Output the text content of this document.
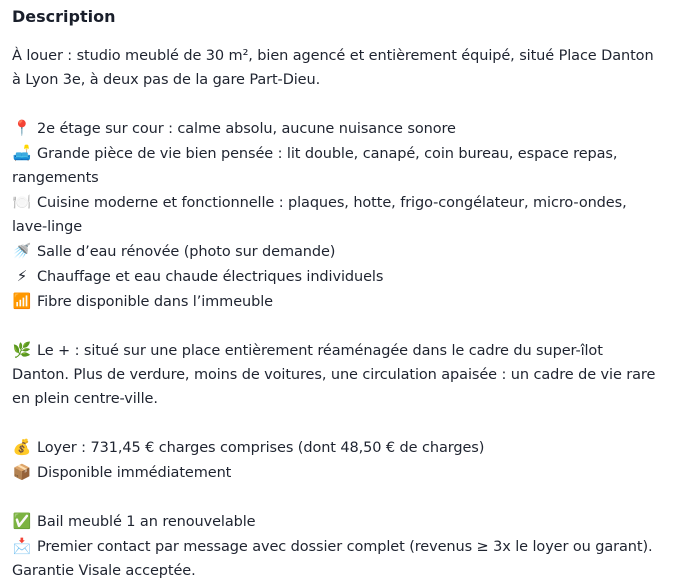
Description

À louer : studio meublé de 30 m², bien agencé et entièrement équipé, situé Place Danton à Lyon 3e, à deux pas de la gare Part-Dieu.

📍 2e étage sur cour : calme absolu, aucune nuisance sonore

🛋️ Grande pièce de vie bien pensée : lit double, canapé, coin bureau, espace repas, rangements

🍽️ Cuisine moderne et fonctionnelle : plaques, hotte, frigo-congélateur, micro-ondes, lave-linge

🚿 Salle d’eau rénovée (photo sur demande)

⚡ Chauffage et eau chaude électriques individuels

📶 Fibre disponible dans l’immeuble

🌿 Le + : situé sur une place entièrement réaménagée dans le cadre du super-îlot Danton. Plus de verdure, moins de voitures, une circulation apaisée : un cadre de vie rare en plein centre-ville.

💰 Loyer : 731,45 € charges comprises (dont 48,50 € de charges)

📦 Disponible immédiatement

✅ Bail meublé 1 an renouvelable

📩 Premier contact par message avec dossier complet (revenus ≥ 3x le loyer ou garant). Garantie Visale acceptée.
